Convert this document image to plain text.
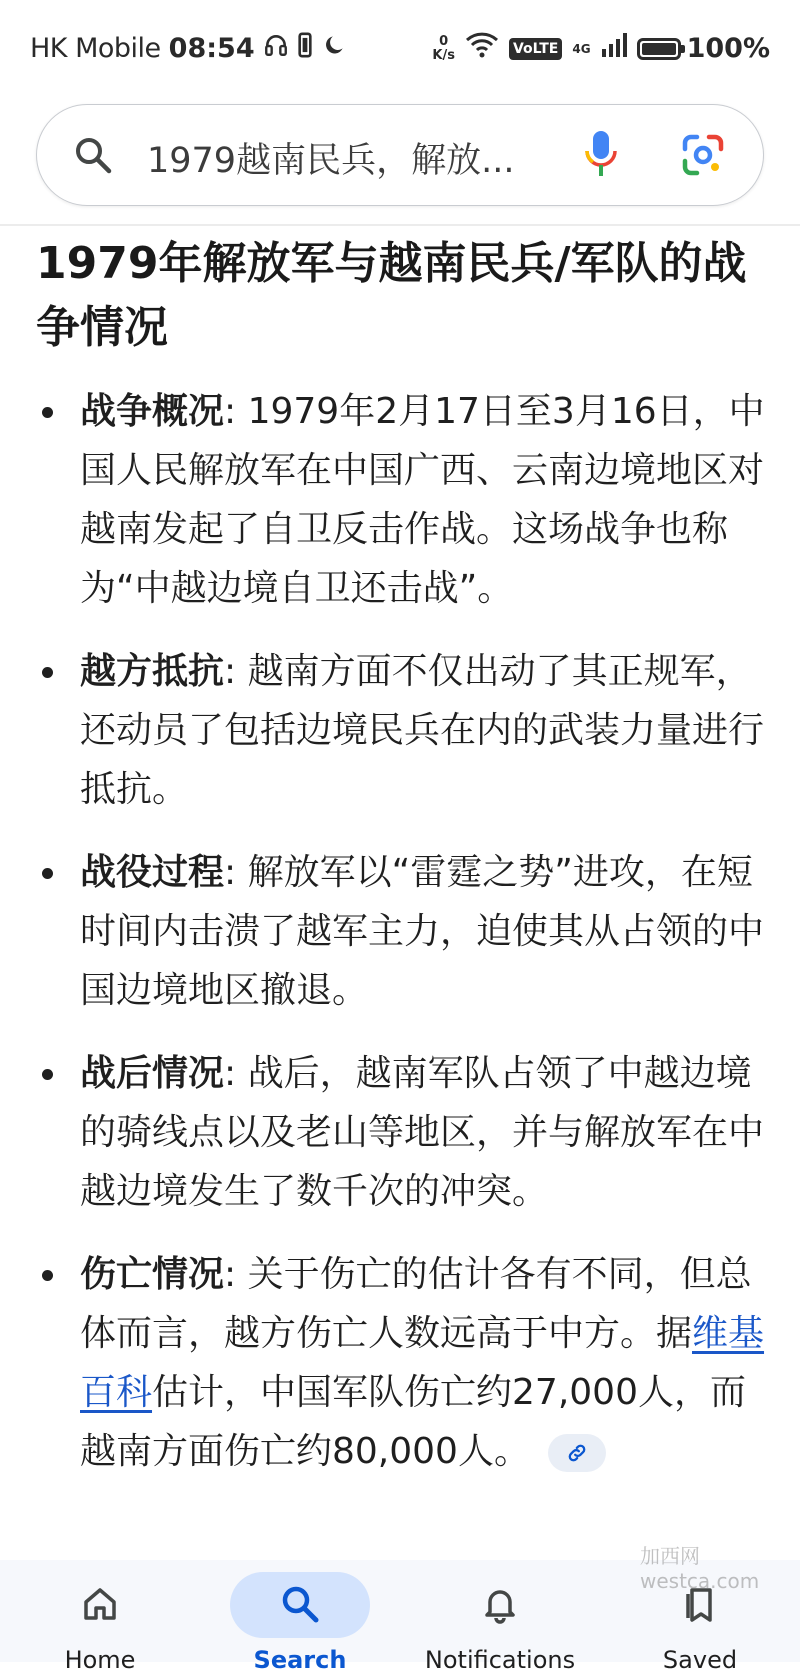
HK Mobile 08:54	0
K/s	VoLTE	4G	100%
1979越南民兵，解放...
1979年解放军与越南民兵/军队的战争情况
战争概况: 1979年2月17日至3月16日，中国人民解放军在中国广西、云南边境地区对越南发起了自卫反击作战。这场战争也称为“中越边境自卫还击战”。
越方抵抗: 越南方面不仅出动了其正规军，还动员了包括边境民兵在内的武装力量进行抵抗。
战役过程: 解放军以“雷霆之势”进攻，在短时间内击溃了越军主力，迫使其从占领的中国边境地区撤退。
战后情况: 战后，越南军队占领了中越边境的骑线点以及老山等地区，并与解放军在中越边境发生了数千次的冲突。
伤亡情况: 关于伤亡的估计各有不同，但总体而言，越方伤亡人数远高于中方。据维基百科估计，中国军队伤亡约27,000人，而越南方面伤亡约80,000人。
Home	Search	Notifications	Saved
加西网 westca.com
